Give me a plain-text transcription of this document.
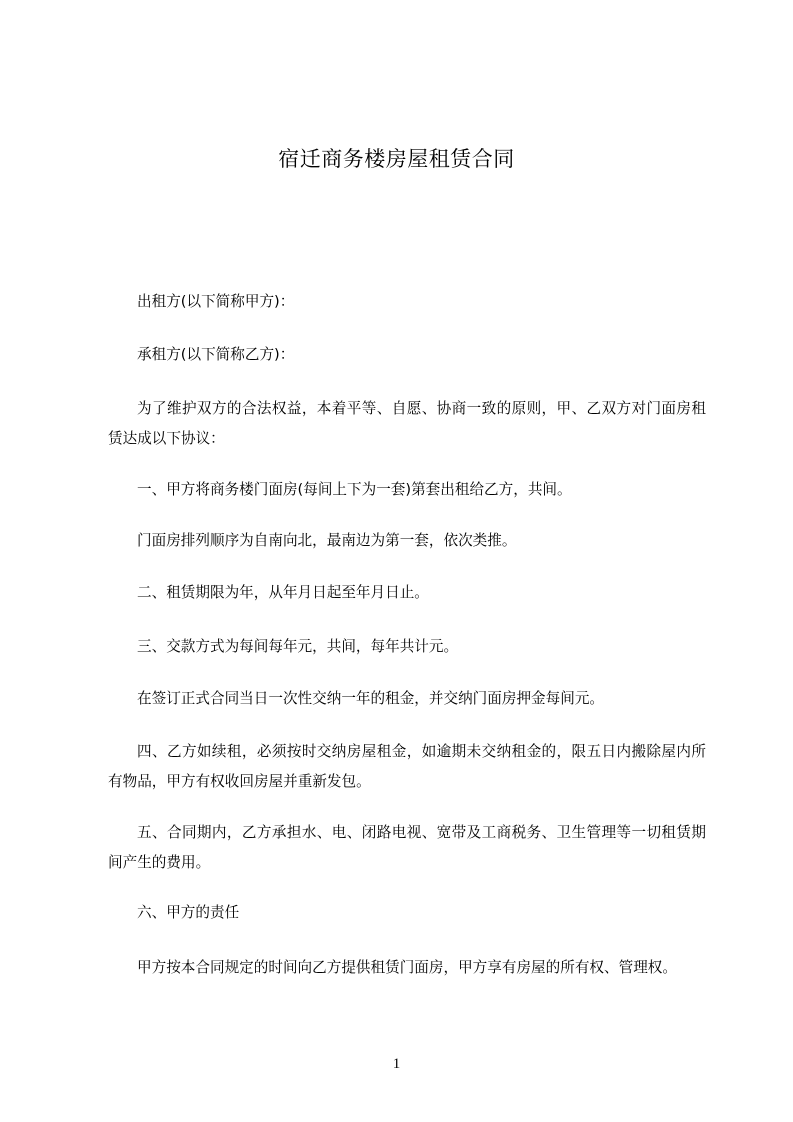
宿迁商务楼房屋租赁合同
出租方(以下简称甲方)：
承租方(以下简称乙方)：
为了维护双方的合法权益，本着平等、自愿、协商一致的原则，甲、乙双方对门面房租赁达成以下协议：
一、甲方将商务楼门面房(每间上下为一套)第套出租给乙方，共间。
门面房排列顺序为自南向北，最南边为第一套，依次类推。
二、租赁期限为年，从年月日起至年月日止。
三、交款方式为每间每年元，共间，每年共计元。
在签订正式合同当日一次性交纳一年的租金，并交纳门面房押金每间元。
四、乙方如续租，必须按时交纳房屋租金，如逾期未交纳租金的，限五日内搬除屋内所有物品，甲方有权收回房屋并重新发包。
五、合同期内，乙方承担水、电、闭路电视、宽带及工商税务、卫生管理等一切租赁期间产生的费用。
六、甲方的责任
甲方按本合同规定的时间向乙方提供租赁门面房，甲方享有房屋的所有权、管理权。
1
